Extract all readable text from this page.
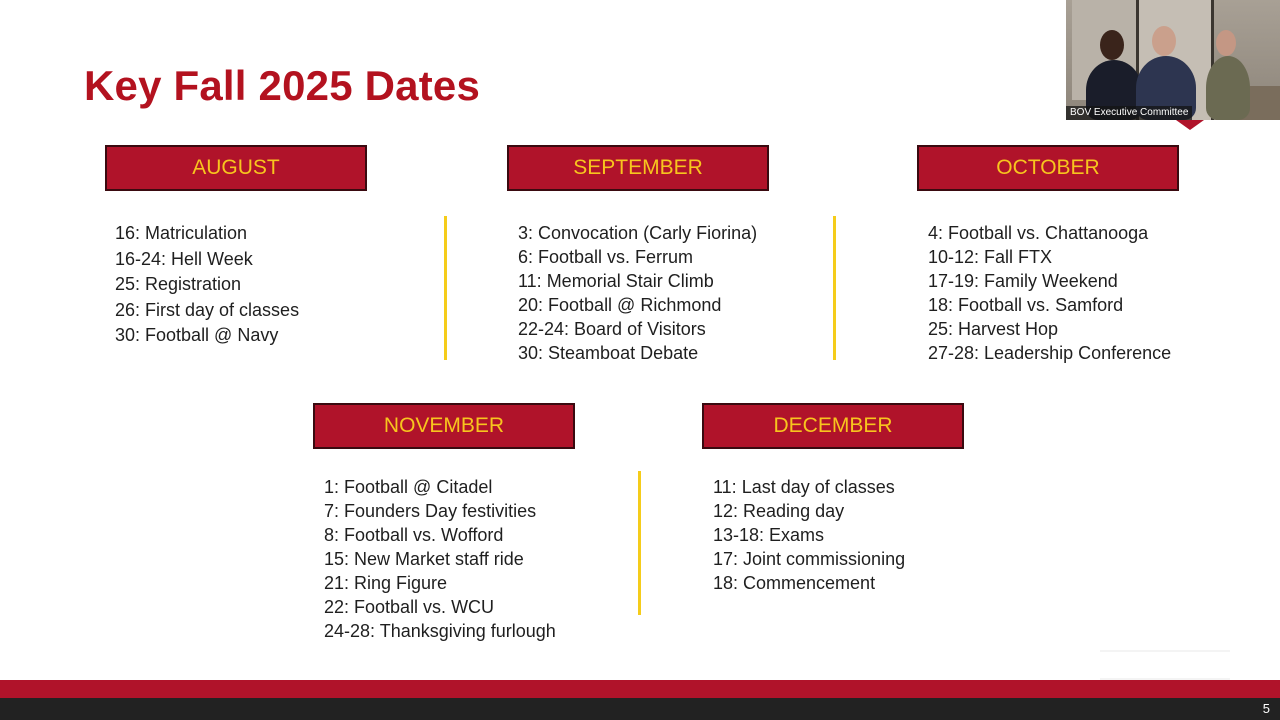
Key Fall 2025 Dates
AUGUST
16: Matriculation
16-24: Hell Week
25: Registration
26: First day of classes
30: Football @ Navy
SEPTEMBER
3: Convocation (Carly Fiorina)
6: Football vs. Ferrum
11: Memorial Stair Climb
20: Football @ Richmond
22-24: Board of Visitors
30: Steamboat Debate
OCTOBER
4: Football vs. Chattanooga
10-12: Fall FTX
17-19: Family Weekend
18: Football vs. Samford
25: Harvest Hop
27-28: Leadership Conference
NOVEMBER
1: Football @ Citadel
7: Founders Day festivities
8: Football vs. Wofford
15: New Market staff ride
21: Ring Figure
22: Football vs. WCU
24-28: Thanksgiving furlough
DECEMBER
11: Last day of classes
12: Reading day
13-18: Exams
17: Joint commissioning
18: Commencement
BOV Executive Committee
5
